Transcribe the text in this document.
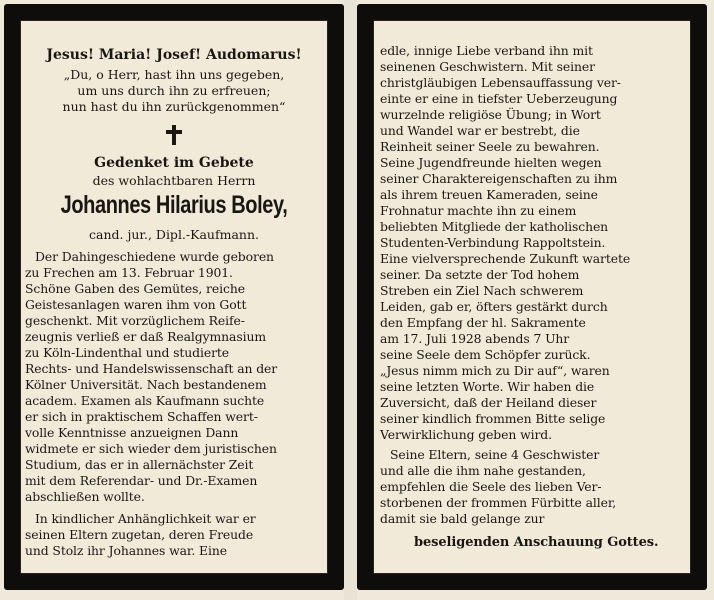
Jesus! Maria! Josef! Audomarus!
„Du, o Herr, hast ihn uns gegeben,
um uns durch ihn zu erfreuen;
nun hast du ihn zurückgenommen“
Gedenket im Gebete
des wohlachtbaren Herrn
Johannes Hilarius Boley,
cand. jur., Dipl.-Kaufmann.
Der Dahingeschiedene wurde geboren
zu Frechen am 13. Februar 1901.
Schöne Gaben des Gemütes, reiche
Geistesanlagen waren ihm von Gott
geschenkt. Mit vorzüglichem Reife-
zeugnis verließ er daß Realgymnasium
zu Köln-Lindenthal und studierte
Rechts- und Handelswissenschaft an der
Kölner Universität. Nach bestandenem
academ. Examen als Kaufmann suchte
er sich in praktischem Schaffen wert-
volle Kenntnisse anzueignen Dann
widmete er sich wieder dem juristischen
Studium, das er in allernächster Zeit
mit dem Referendar- und Dr.-Examen
abschließen wollte.
In kindlicher Anhänglichkeit war er
seinen Eltern zugetan, deren Freude
und Stolz ihr Johannes war. Eine
edle, innige Liebe verband ihn mit
seinenen Geschwistern. Mit seiner
christgläubigen Lebensauffassung ver-
einte er eine in tiefster Ueberzeugung
wurzelnde religiöse Übung; in Wort
und Wandel war er bestrebt, die
Reinheit seiner Seele zu bewahren.
Seine Jugendfreunde hielten wegen
seiner Charaktereigenschaften zu ihm
als ihrem treuen Kameraden, seine
Frohnatur machte ihn zu einem
beliebten Mitgliede der katholischen
Studenten-Verbindung Rappoltstein.
Eine vielversprechende Zukunft wartete
seiner. Da setzte der Tod hohem
Streben ein Ziel Nach schwerem
Leiden, gab er, öfters gestärkt durch
den Empfang der hl. Sakramente
am 17. Juli 1928 abends 7 Uhr
seine Seele dem Schöpfer zurück.
„Jesus nimm mich zu Dir auf“, waren
seine letzten Worte. Wir haben die
Zuversicht, daß der Heiland dieser
seiner kindlich frommen Bitte selige
Verwirklichung geben wird.
Seine Eltern, seine 4 Geschwister
und alle die ihm nahe gestanden,
empfehlen die Seele des lieben Ver-
storbenen der frommen Fürbitte aller,
damit sie bald gelange zur
beseligenden Anschauung Gottes.
